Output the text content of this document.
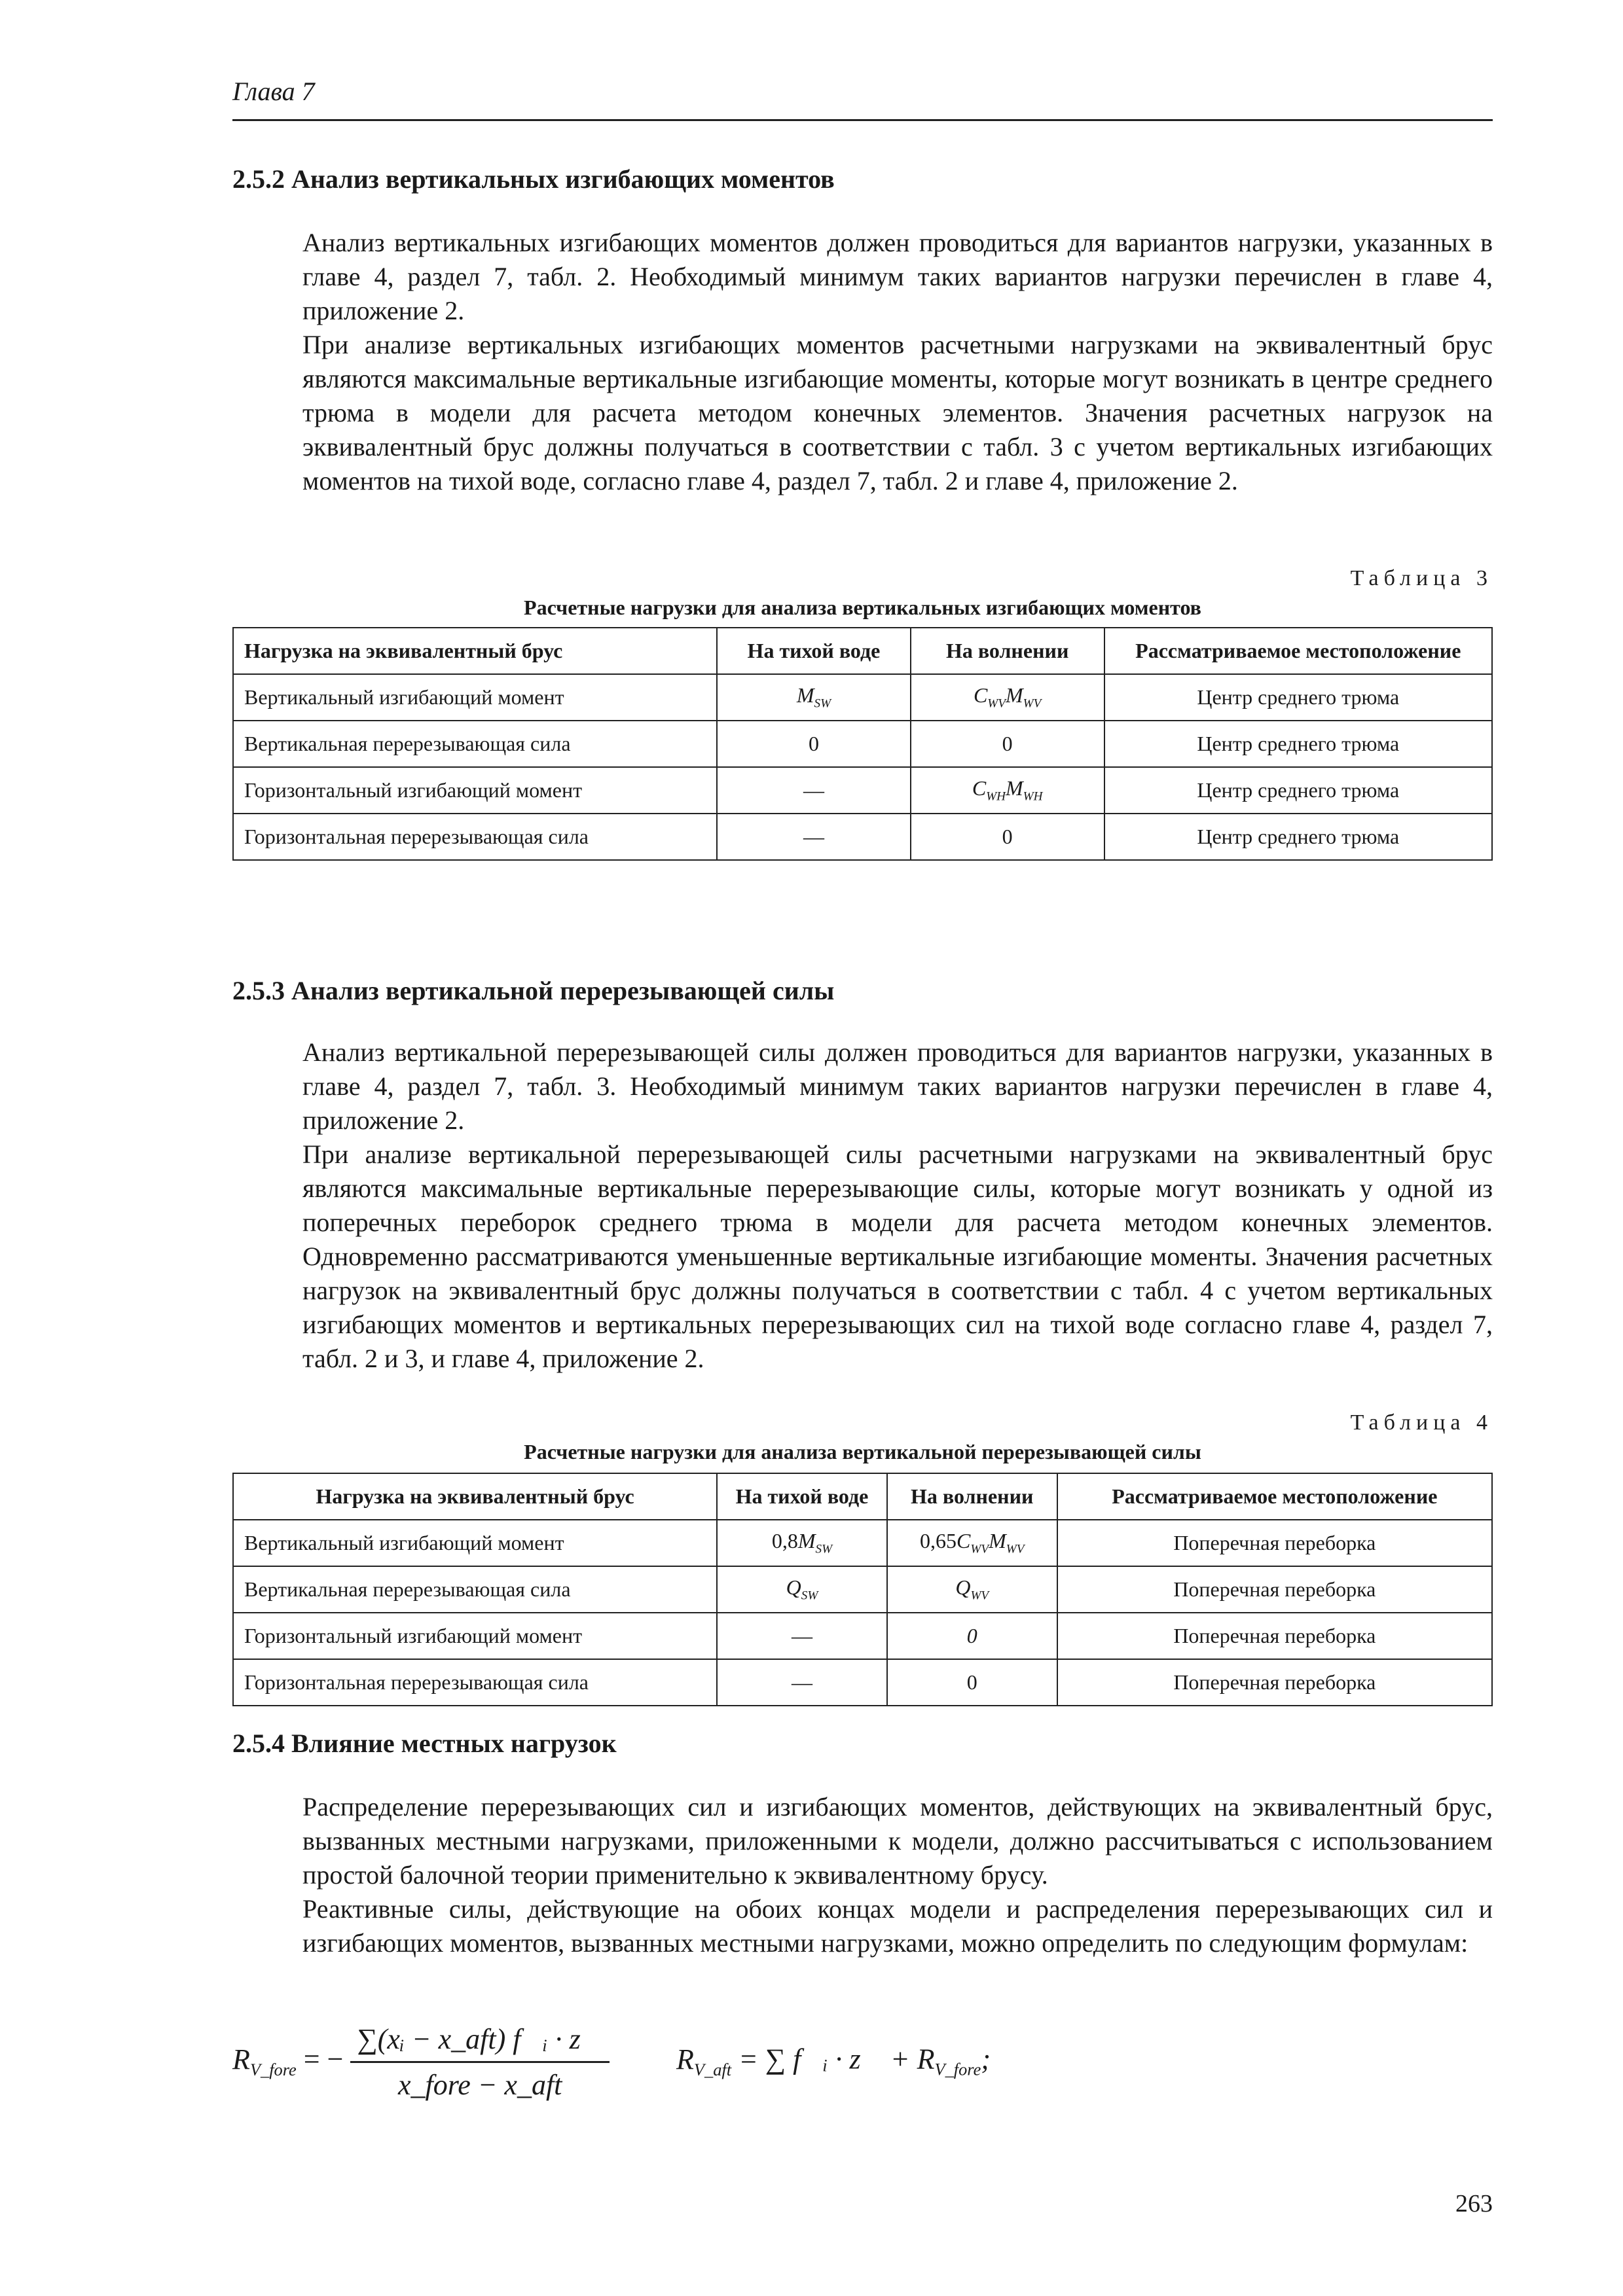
Глава 7
2.5.2 Анализ вертикальных изгибающих моментов

Анализ вертикальных изгибающих моментов должен проводиться для вариантов нагрузки, указанных в главе 4, раздел 7, табл. 2. Необходимый минимум таких вариантов нагрузки перечислен в главе 4, приложение 2.

При анализе вертикальных изгибающих моментов расчетными нагрузками на эквивалентный брус являются максимальные вертикальные изгибающие моменты, которые могут возникать в центре среднего трюма в модели для расчета методом конечных элементов. Значения расчетных нагрузок на эквивалентный брус должны получаться в соответствии с табл. 3 с учетом вертикальных изгибающих моментов на тихой воде, согласно главе 4, раздел 7, табл. 2 и главе 4, приложение 2.

Таблица 3
Расчетные нагрузки для анализа вертикальных изгибающих моментов
Нагрузка на эквивалентный брус	На тихой воде	На волнении	Рассматриваемое местоположение
Вертикальный изгибающий момент	$M_{SW}$	$C_{WV}M_{WV}$	Центр среднего трюма
Вертикальная перерезывающая сила	0	0	Центр среднего трюма
Горизонтальный изгибающий момент	—	$C_{WH}M_{WH}$	Центр среднего трюма
Горизонтальная перерезывающая сила	—	0	Центр среднего трюма
2.5.3 Анализ вертикальной перерезывающей силы

Анализ вертикальной перерезывающей силы должен проводиться для вариантов нагрузки, указанных в главе 4, раздел 7, табл. 3. Необходимый минимум таких вариантов нагрузки перечислен в главе 4, приложение 2.

При анализе вертикальной перерезывающей силы расчетными нагрузками на эквивалентный брус являются максимальные вертикальные перерезывающие силы, которые могут возникать у одной из поперечных переборок среднего трюма в модели для расчета методом конечных элементов. Одновременно рассматриваются уменьшенные вертикальные изгибающие моменты. Значения расчетных нагрузок на эквивалентный брус должны получаться в соответствии с табл. 4 с учетом вертикальных изгибающих моментов и вертикальных перерезывающих сил на тихой воде согласно главе 4, раздел 7, табл. 2 и 3, и главе 4, приложение 2.

Таблица 4
Расчетные нагрузки для анализа вертикальной перерезывающей силы
Нагрузка на эквивалентный брус	На тихой воде	На волнении	Рассматриваемое местоположение
Вертикальный изгибающий момент	$0,8M_{SW}$	$0,65C_{WV}M_{WV}$	Поперечная переборка
Вертикальная перерезывающая сила	$Q_{SW}$	$Q_{WV}$	Поперечная переборка
Горизонтальный изгибающий момент	—	0	Поперечная переборка
Горизонтальная перерезывающая сила	—	0	Поперечная переборка
2.5.4 Влияние местных нагрузок

Распределение перерезывающих сил и изгибающих моментов, действующих на эквивалентный брус, вызванных местными нагрузками, приложенными к модели, должно рассчитываться с использованием простой балочной теории применительно к эквивалентному брусу.

Реактивные силы, действующие на обоих концах модели и распределения перерезывающих сил и изгибающих моментов, вызванных местными нагрузками, можно определить по следующим формулам:

$R_{V\_fore}$ = − $\frac{\text{∑(xᵢ − x\_aft) f⃗ᵢ · z⃗}}{\text{x\_fore − x\_aft}} R_{V\_aft}$ = ∑ f⃗ᵢ · z⃗ + $R_{V\_fore}$;
263
